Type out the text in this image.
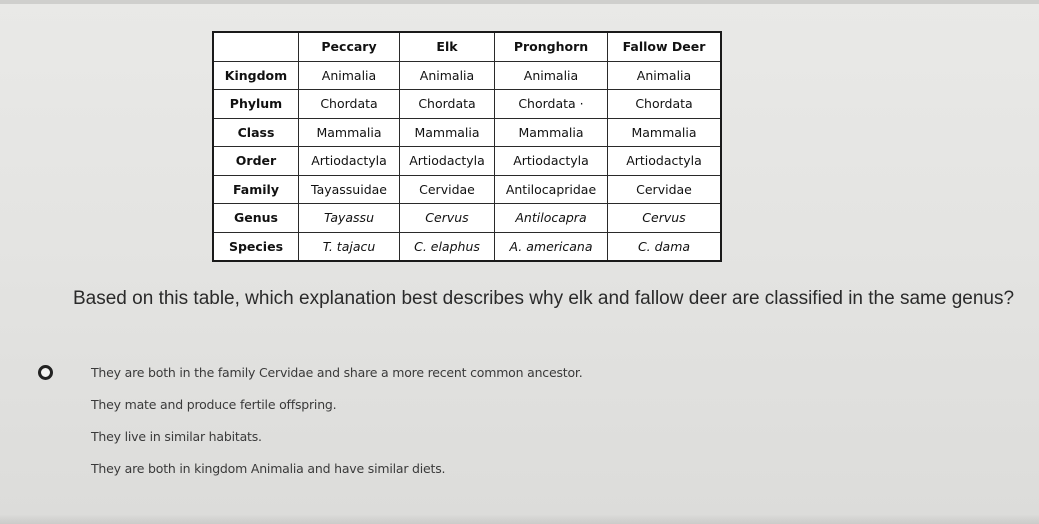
	Peccary	Elk	Pronghorn	Fallow Deer
Kingdom	Animalia	Animalia	Animalia	Animalia
Phylum	Chordata	Chordata	Chordata ·	Chordata
Class	Mammalia	Mammalia	Mammalia	Mammalia
Order	Artiodactyla	Artiodactyla	Artiodactyla	Artiodactyla
Family	Tayassuidae	Cervidae	Antilocapridae	Cervidae
Genus	Tayassu	Cervus	Antilocapra	Cervus
Species	T. tajacu	C. elaphus	A. americana	C. dama
Based on this table, which explanation best describes why elk and fallow deer are classified in the same genus?
They are both in the family Cervidae and share a more recent common ancestor.
They mate and produce fertile offspring.
They live in similar habitats.
They are both in kingdom Animalia and have similar diets.
